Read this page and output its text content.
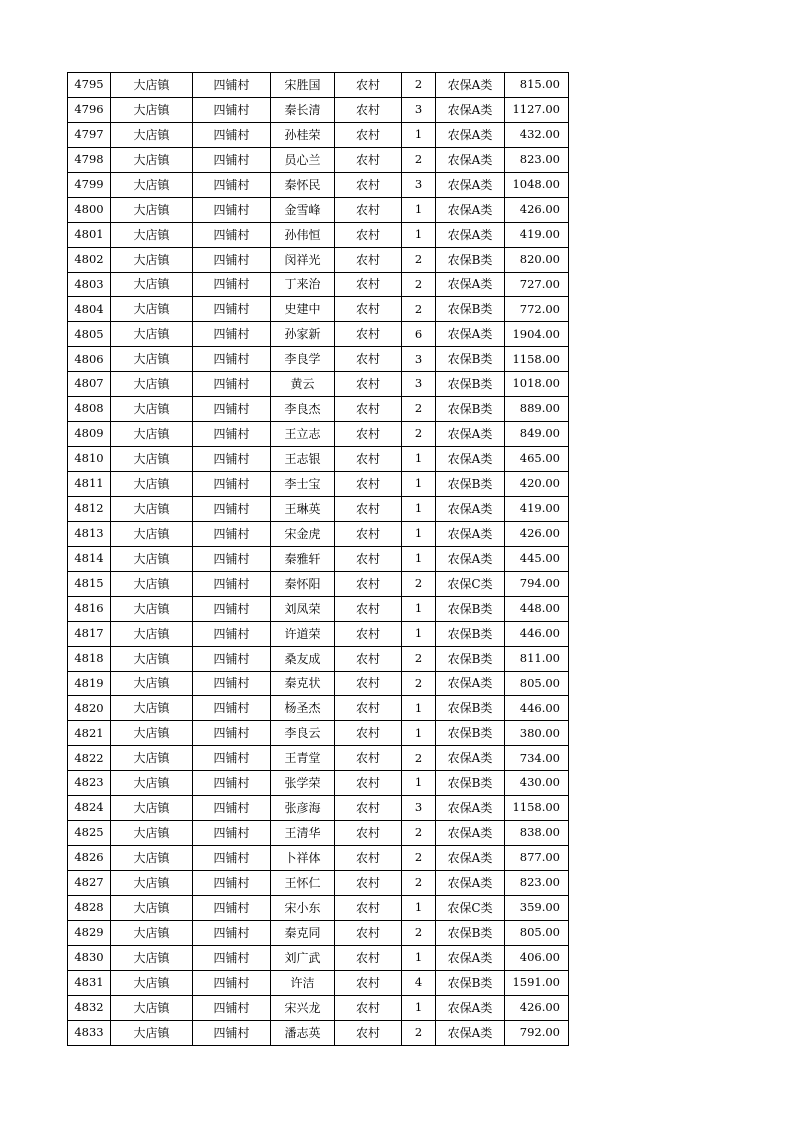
4795	大店镇	四铺村	宋胜国	农村	2	农保A类	815.00
4796	大店镇	四铺村	秦长清	农村	3	农保A类	1127.00
4797	大店镇	四铺村	孙桂荣	农村	1	农保A类	432.00
4798	大店镇	四铺村	员心兰	农村	2	农保A类	823.00
4799	大店镇	四铺村	秦怀民	农村	3	农保A类	1048.00
4800	大店镇	四铺村	金雪峰	农村	1	农保A类	426.00
4801	大店镇	四铺村	孙伟恒	农村	1	农保A类	419.00
4802	大店镇	四铺村	闵祥光	农村	2	农保B类	820.00
4803	大店镇	四铺村	丁来治	农村	2	农保A类	727.00
4804	大店镇	四铺村	史建中	农村	2	农保B类	772.00
4805	大店镇	四铺村	孙家新	农村	6	农保A类	1904.00
4806	大店镇	四铺村	李良学	农村	3	农保B类	1158.00
4807	大店镇	四铺村	黄云	农村	3	农保B类	1018.00
4808	大店镇	四铺村	李良杰	农村	2	农保B类	889.00
4809	大店镇	四铺村	王立志	农村	2	农保A类	849.00
4810	大店镇	四铺村	王志银	农村	1	农保A类	465.00
4811	大店镇	四铺村	李士宝	农村	1	农保B类	420.00
4812	大店镇	四铺村	王琳英	农村	1	农保A类	419.00
4813	大店镇	四铺村	宋金虎	农村	1	农保A类	426.00
4814	大店镇	四铺村	秦雅轩	农村	1	农保A类	445.00
4815	大店镇	四铺村	秦怀阳	农村	2	农保C类	794.00
4816	大店镇	四铺村	刘凤荣	农村	1	农保B类	448.00
4817	大店镇	四铺村	许道荣	农村	1	农保B类	446.00
4818	大店镇	四铺村	桑友成	农村	2	农保B类	811.00
4819	大店镇	四铺村	秦克状	农村	2	农保A类	805.00
4820	大店镇	四铺村	杨圣杰	农村	1	农保B类	446.00
4821	大店镇	四铺村	李良云	农村	1	农保B类	380.00
4822	大店镇	四铺村	王青堂	农村	2	农保A类	734.00
4823	大店镇	四铺村	张学荣	农村	1	农保B类	430.00
4824	大店镇	四铺村	张彦海	农村	3	农保A类	1158.00
4825	大店镇	四铺村	王清华	农村	2	农保A类	838.00
4826	大店镇	四铺村	卜祥体	农村	2	农保A类	877.00
4827	大店镇	四铺村	王怀仁	农村	2	农保A类	823.00
4828	大店镇	四铺村	宋小东	农村	1	农保C类	359.00
4829	大店镇	四铺村	秦克同	农村	2	农保B类	805.00
4830	大店镇	四铺村	刘广武	农村	1	农保A类	406.00
4831	大店镇	四铺村	许洁	农村	4	农保B类	1591.00
4832	大店镇	四铺村	宋兴龙	农村	1	农保A类	426.00
4833	大店镇	四铺村	潘志英	农村	2	农保A类	792.00
